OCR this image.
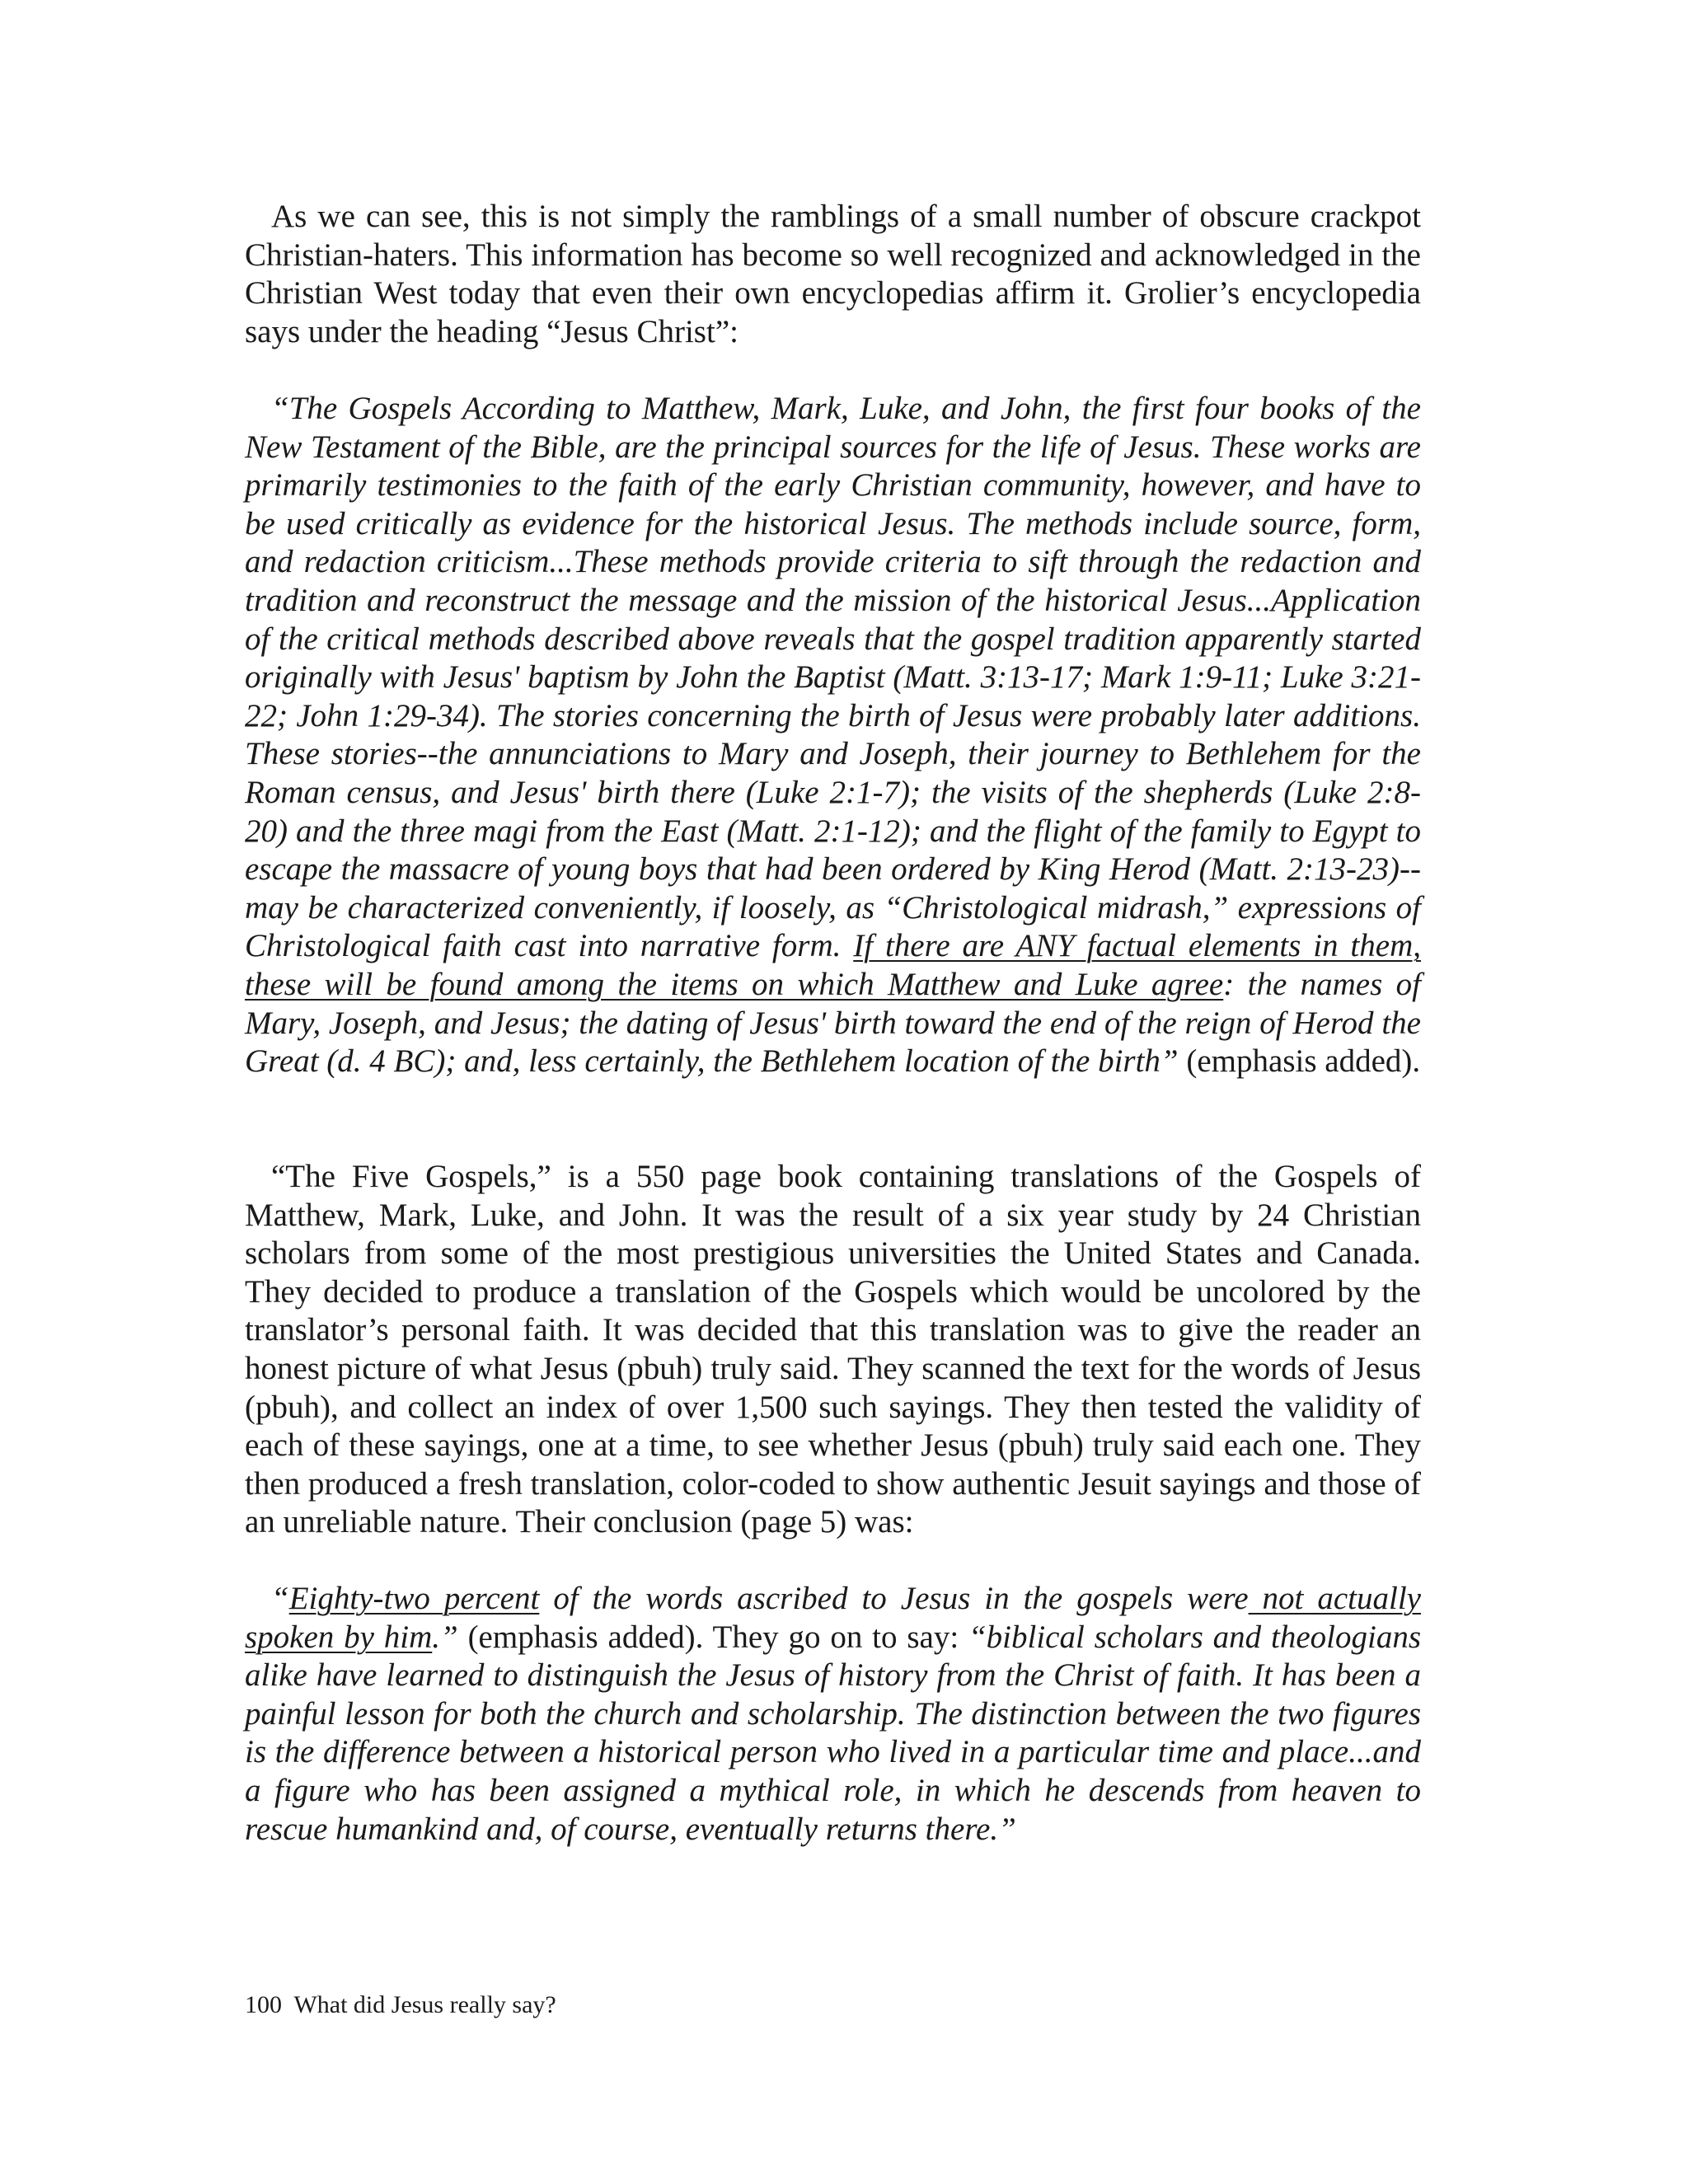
As we can see, this is not simply the ramblings of a small number of obscure crackpot Christian-haters. This information has become so well recognized and acknowledged in the Christian West today that even their own encyclopedias affirm it. Grolier’s encyclopedia says under the heading “Jesus Christ”:

“The Gospels According to Matthew, Mark, Luke, and John, the first four books of the New Testament of the Bible, are the principal sources for the life of Jesus. These works are primarily testimonies to the faith of the early Christian community, however, and have to be used critically as evidence for the historical Jesus. The methods include source, form, and redaction criticism...These methods provide criteria to sift through the redaction and tradition and reconstruct the message and the mission of the historical Jesus...Application of the critical methods described above reveals that the gospel tradition apparently started originally with Jesus' baptism by John the Baptist (Matt. 3:13-17; Mark 1:9-11; Luke 3:21-22; John 1:29-34). The stories concerning the birth of Jesus were probably later additions. These stories--the annunciations to Mary and Joseph, their journey to Bethlehem for the Roman census, and Jesus' birth there (Luke 2:1-7); the visits of the shepherds (Luke 2:8-20) and the three magi from the East (Matt. 2:1-12); and the flight of the family to Egypt to escape the massacre of young boys that had been ordered by King Herod (Matt. 2:13-23)--may be characterized conveniently, if loosely, as “Christological midrash,” expressions of Christological faith cast into narrative form. If there are ANY factual elements in them, these will be found among the items on which Matthew and Luke agree: the names of Mary, Joseph, and Jesus; the dating of Jesus' birth toward the end of the reign of Herod the Great (d. 4 BC); and, less certainly, the Bethlehem location of the birth” (emphasis added).

“The Five Gospels,” is a 550 page book containing translations of the Gospels of Matthew, Mark, Luke, and John. It was the result of a six year study by 24 Christian scholars from some of the most prestigious universities the United States and Canada. They decided to produce a translation of the Gospels which would be uncolored by the translator’s personal faith. It was decided that this translation was to give the reader an honest picture of what Jesus (pbuh) truly said. They scanned the text for the words of Jesus (pbuh), and collect an index of over 1,500 such sayings. They then tested the validity of each of these sayings, one at a time, to see whether Jesus (pbuh) truly said each one. They then produced a fresh translation, color-coded to show authentic Jesuit sayings and those of an unreliable nature. Their conclusion (page 5) was:

“Eighty-two percent of the words ascribed to Jesus in the gospels were not actually spoken by him.” (emphasis added). They go on to say: “biblical scholars and theologians alike have learned to distinguish the Jesus of history from the Christ of faith. It has been a painful lesson for both the church and scholarship. The distinction between the two figures is the difference between a historical person who lived in a particular time and place...and a figure who has been assigned a mythical role, in which he descends from heaven to rescue humankind and, of course, eventually returns there.”

100 What did Jesus really say?
